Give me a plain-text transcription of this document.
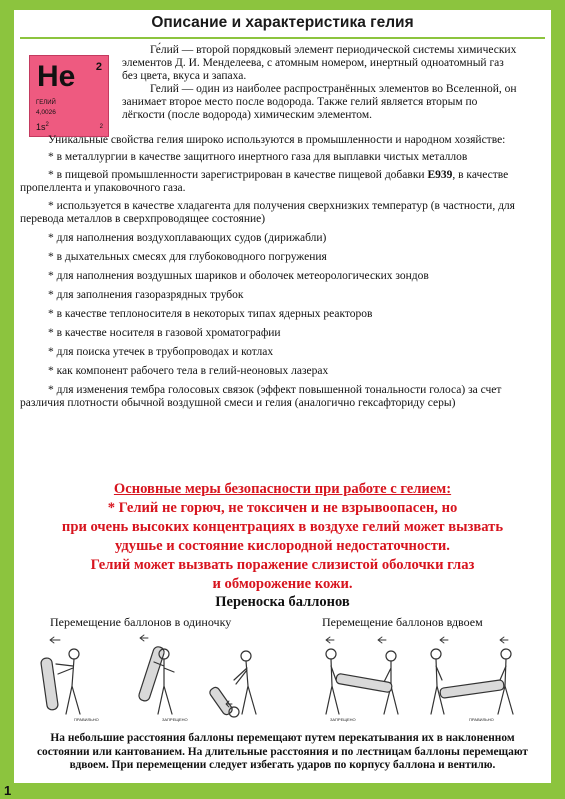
Описание и характеристика гелия
He 2
ГЕЛИЙ
4,0026
$1s^2$	2

Ге́лий — второй порядковый элемент периодической системы химических элементов Д. И. Менделеева, с атомным номером, инертный одноатомный газ без цвета, вкуса и запаха.

Гелий — один из наиболее распространённых элементов во Вселенной, он занимает второе место после водорода. Также гелий является вторым по лёгкости (после водорода) химическим элементом.

Уникальные свойства гелия широко используются в промышленности и народном хозяйстве:

* в металлургии в качестве защитного инертного газа для выплавки чистых металлов

* в пищевой промышленности зарегистрирован в качестве пищевой добавки E939, в качестве пропеллента и упаковочного газа.

* используется в качестве хладагента для получения сверхнизких температур (в частности, для перевода металлов в сверхпроводящее состояние)

* для наполнения воздухоплавающих судов (дирижабли)

* в дыхательных смесях для глубоководного погружения

* для наполнения воздушных шариков и оболочек метеорологических зондов

* для заполнения газоразрядных трубок

* в качестве теплоносителя в некоторых типах ядерных реакторов

* в качестве носителя в газовой хроматографии

* для поиска утечек в трубопроводах и котлах

* как компонент рабочего тела в гелий-неоновых лазерах

* для изменения тембра голосовых связок (эффект повышенной тональности голоса) за счет различия плотности обычной воздушной смеси и гелия (аналогично гексафториду серы)

Основные меры безопасности при работе с гелием:
* Гелий не горюч, не токсичен и не взрывоопасен, но
при очень высоких концентрациях в воздухе гелий может вызвать
удушье и состояние кислородной недостаточности.
Гелий может вызвать поражение слизистой оболочки глаз
и обморожение кожи.
Переноска баллонов
Перемещение баллонов в одиночку	Перемещение баллонов вдвоем
ПРАВИЛЬНО	ЗАПРЕЩЕНО	ЗАПРЕЩЕНО	ПРАВИЛЬНО
На небольшие расстояния баллоны перемещают путем перекатывания их в наклоненном состоянии или кантованием. На длительные расстояния и по лестницам баллоны перемещают вдвоем. При перемещении следует избегать ударов по корпусу баллона и вентилю.
1
